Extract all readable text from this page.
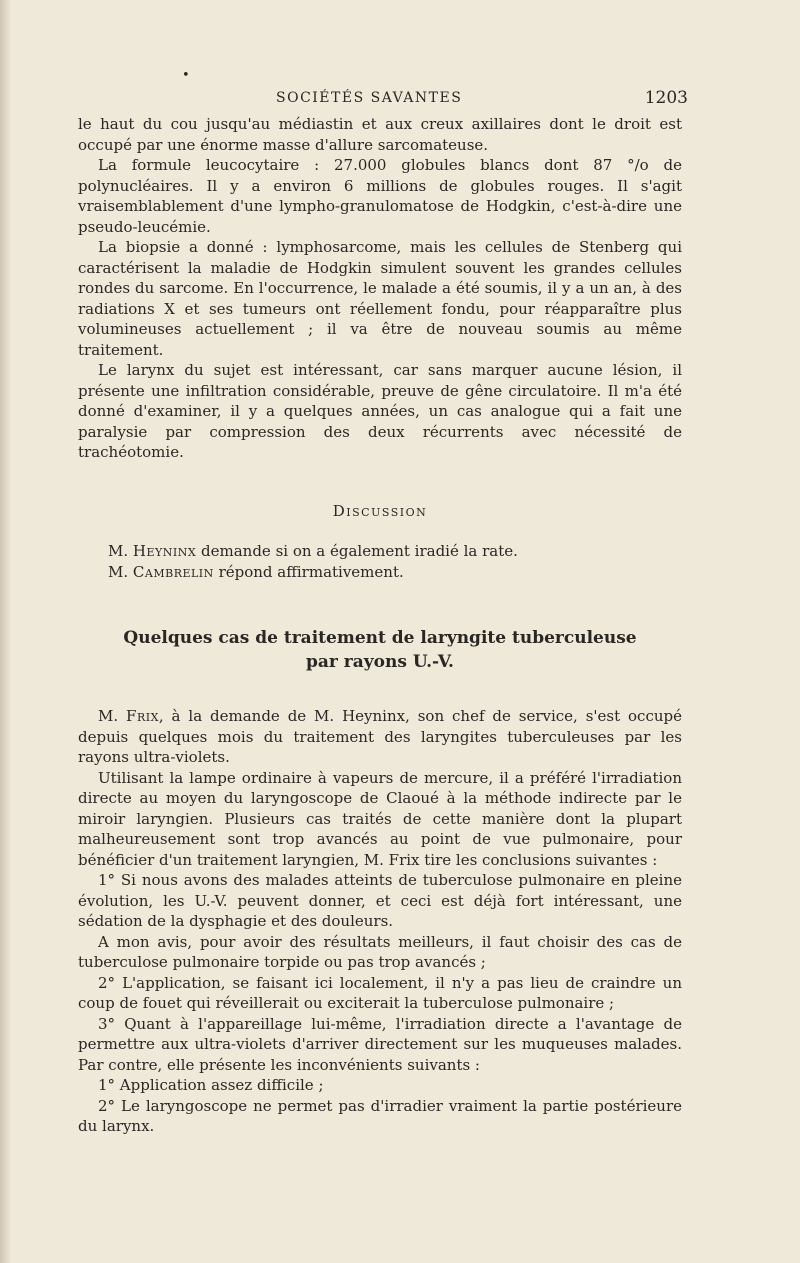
•
SOCIÉTÉS SAVANTES	1203

le haut du cou jusqu'au médiastin et aux creux axillaires dont le droit est occupé par une énorme masse d'allure sarcomateuse.

La formule leucocytaire : 27.000 globules blancs dont 87 °/o de polynucléaires. Il y a environ 6 millions de globules rouges. Il s'agit vraisemblablement d'une lympho-granulomatose de Hodgkin, c'est-à-dire une pseudo-leucémie.

La biopsie a donné : lymphosarcome, mais les cellules de Stenberg qui caractérisent la maladie de Hodgkin simulent souvent les grandes cellules rondes du sarcome. En l'occurrence, le malade a été soumis, il y a un an, à des radiations X et ses tumeurs ont réellement fondu, pour réapparaître plus volumineuses actuellement ; il va être de nouveau soumis au même traitement.

Le larynx du sujet est intéressant, car sans marquer aucune lésion, il présente une infiltration considérable, preuve de gêne circulatoire. Il m'a été donné d'examiner, il y a quelques années, un cas analogue qui a fait une paralysie par compression des deux récurrents avec nécessité de trachéotomie.

Discussion

M. Heyninx demande si on a également iradié la rate.

M. Cambrelin répond affirmativement.

Quelques cas de traitement de laryngite tuberculeuse
par rayons U.-V.

M. Frix, à la demande de M. Heyninx, son chef de service, s'est occupé depuis quelques mois du traitement des laryngites tuberculeuses par les rayons ultra-violets.

Utilisant la lampe ordinaire à vapeurs de mercure, il a préféré l'irradiation directe au moyen du laryngoscope de Claoué à la méthode indirecte par le miroir laryngien. Plusieurs cas traités de cette manière dont la plupart malheureusement sont trop avancés au point de vue pulmonaire, pour bénéficier d'un traitement laryngien, M. Frix tire les conclusions suivantes :

1° Si nous avons des malades atteints de tuberculose pulmonaire en pleine évolution, les U.-V. peuvent donner, et ceci est déjà fort intéressant, une sédation de la dysphagie et des douleurs.

A mon avis, pour avoir des résultats meilleurs, il faut choisir des cas de tuberculose pulmonaire torpide ou pas trop avancés ;

2° L'application, se faisant ici localement, il n'y a pas lieu de craindre un coup de fouet qui réveillerait ou exciterait la tuberculose pulmonaire ;

3° Quant à l'appareillage lui-même, l'irradiation directe a l'avantage de permettre aux ultra-violets d'arriver directement sur les muqueuses malades. Par contre, elle présente les inconvénients suivants :

1° Application assez difficile ;

2° Le laryngoscope ne permet pas d'irradier vraiment la partie postérieure du larynx.
